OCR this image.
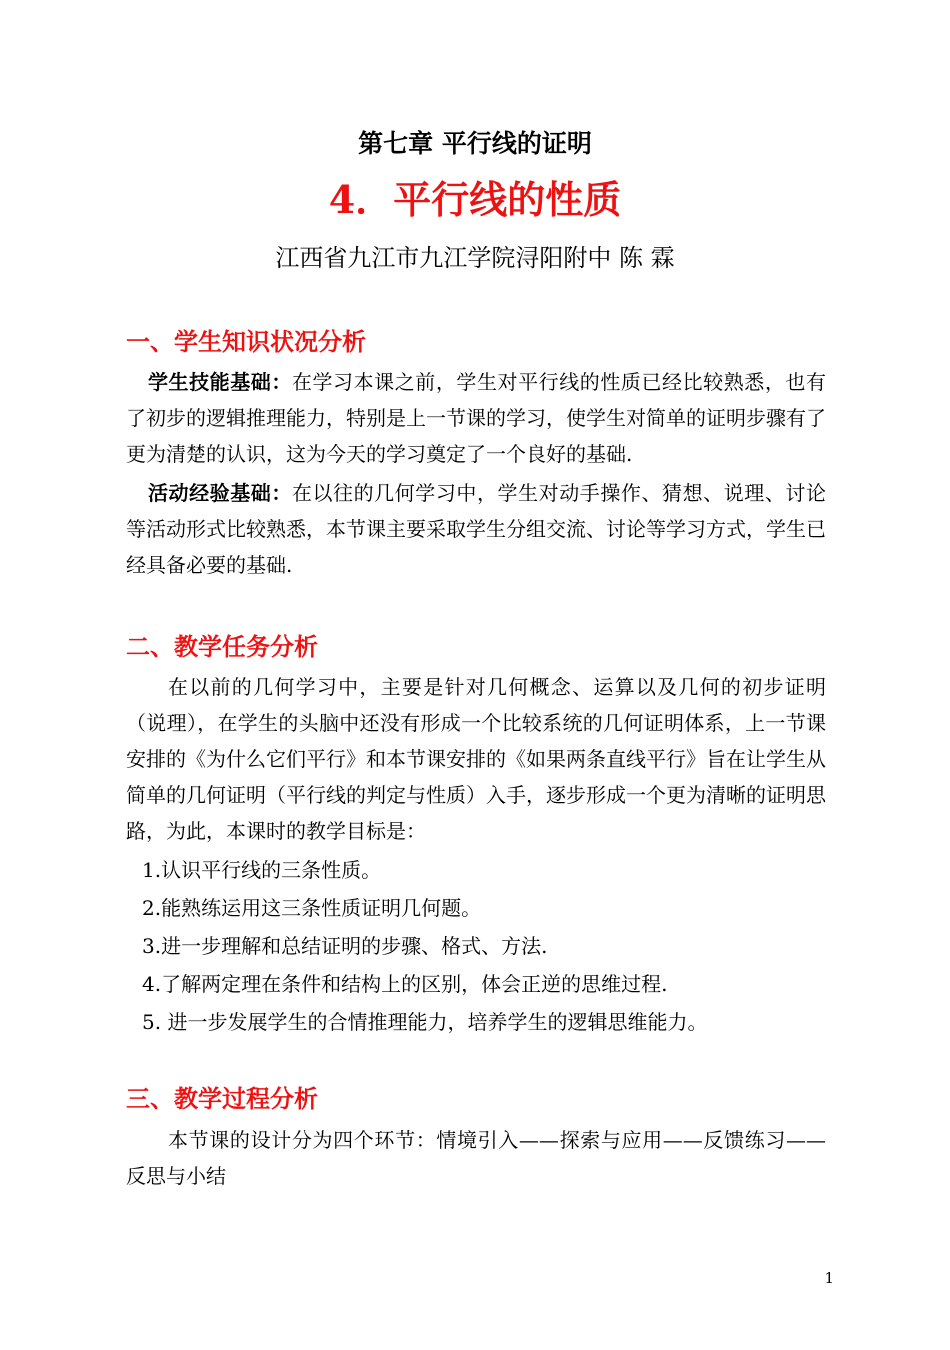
第七章 平行线的证明
4．平行线的性质
江西省九江市九江学院浔阳附中 陈 霖
一、学生知识状况分析
学生技能基础：在学习本课之前，学生对平行线的性质已经比较熟悉，也有了初步的逻辑推理能力，特别是上一节课的学习，使学生对简单的证明步骤有了更为清楚的认识，这为今天的学习奠定了一个良好的基础.
活动经验基础：在以往的几何学习中，学生对动手操作、猜想、说理、讨论等活动形式比较熟悉，本节课主要采取学生分组交流、讨论等学习方式，学生已经具备必要的基础.
二、教学任务分析
在以前的几何学习中，主要是针对几何概念、运算以及几何的初步证明（说理），在学生的头脑中还没有形成一个比较系统的几何证明体系，上一节课安排的《为什么它们平行》和本节课安排的《如果两条直线平行》旨在让学生从简单的几何证明（平行线的判定与性质）入手，逐步形成一个更为清晰的证明思路，为此，本课时的教学目标是：
1.认识平行线的三条性质。
2.能熟练运用这三条性质证明几何题。
3.进一步理解和总结证明的步骤、格式、方法.
4.了解两定理在条件和结构上的区别，体会正逆的思维过程.
5. 进一步发展学生的合情推理能力，培养学生的逻辑思维能力。
三、教学过程分析
本节课的设计分为四个环节：情境引入——探索与应用——反馈练习——反思与小结
1
